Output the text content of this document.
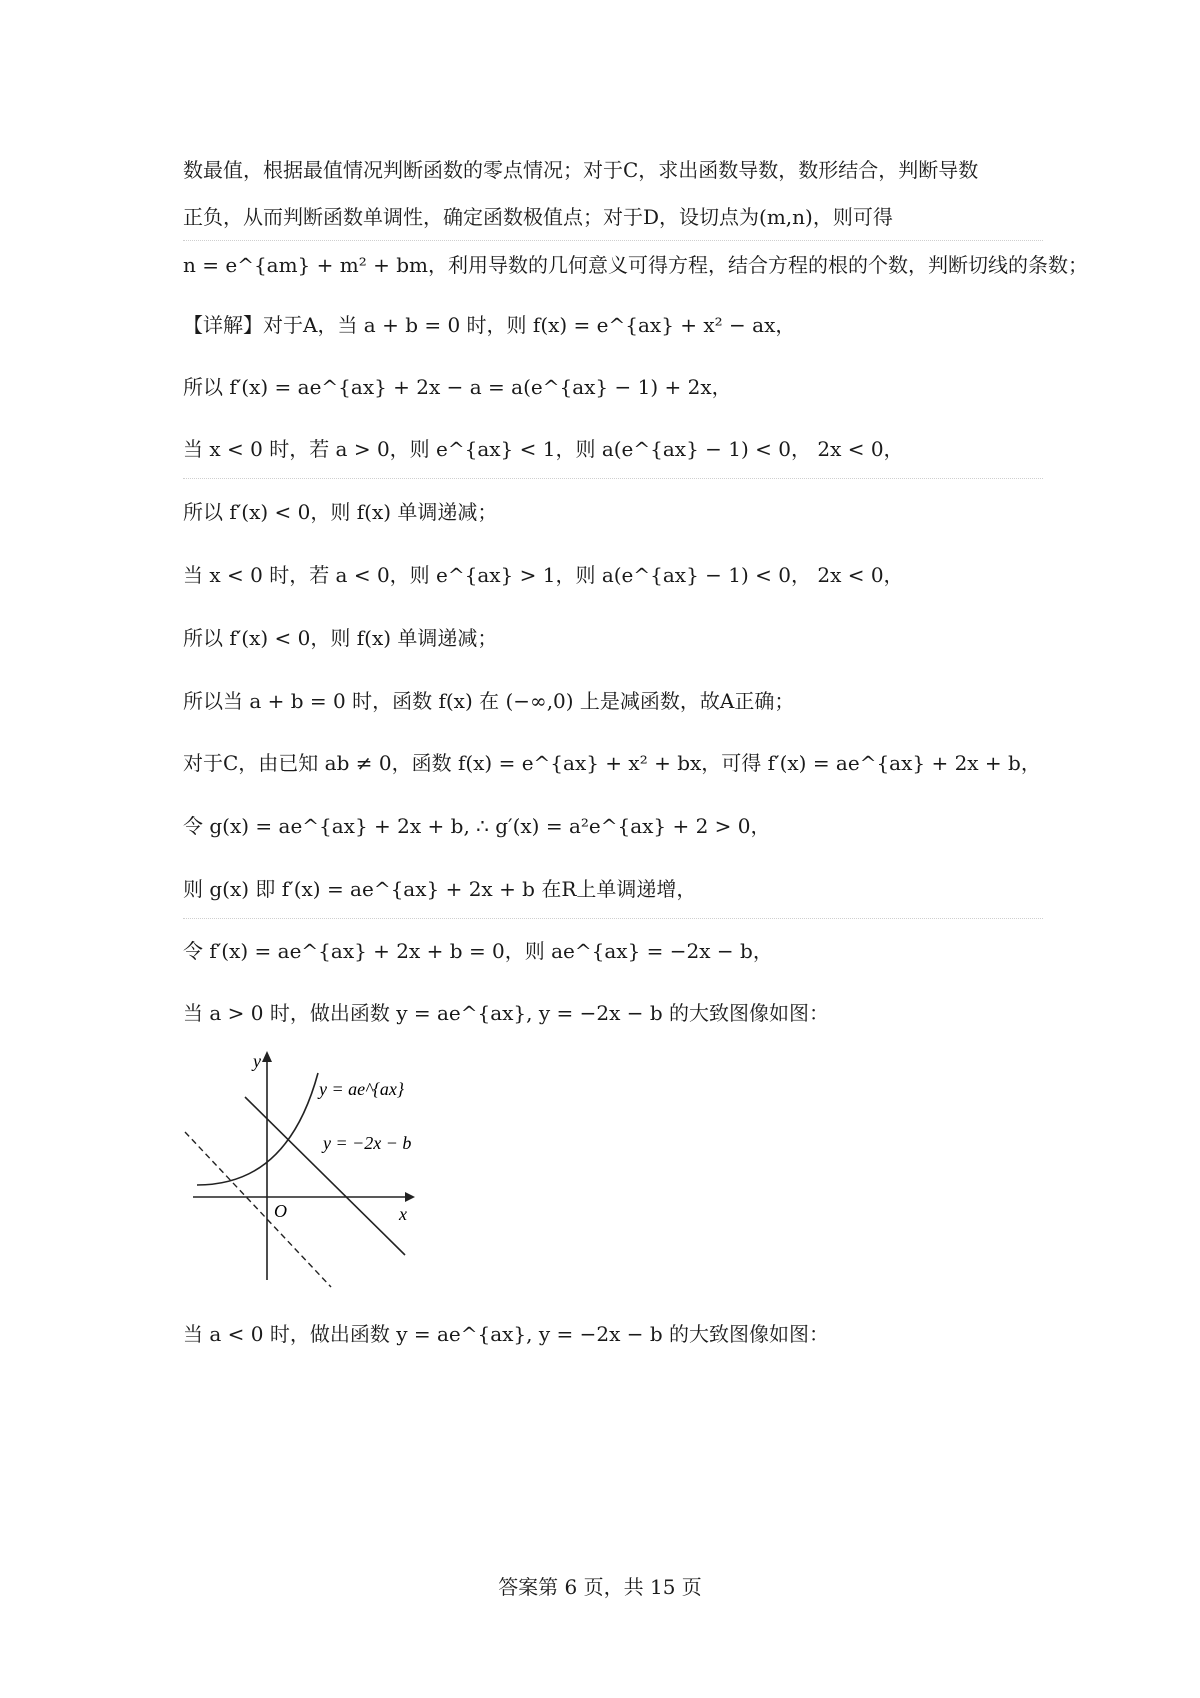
数最值，根据最值情况判断函数的零点情况；对于C，求出函数导数，数形结合，判断导数
正负，从而判断函数单调性，确定函数极值点；对于D，设切点为(m,n)，则可得
n = e^{am} + m² + bm，利用导数的几何意义可得方程，结合方程的根的个数，判断切线的条数；
【详解】对于A，当 a + b = 0 时，则 f(x) = e^{ax} + x² − ax，
所以 f′(x) = ae^{ax} + 2x − a = a(e^{ax} − 1) + 2x，
当 x < 0 时，若 a > 0，则 e^{ax} < 1，则 a(e^{ax} − 1) < 0， 2x < 0，
所以 f′(x) < 0，则 f(x) 单调递减；
当 x < 0 时，若 a < 0，则 e^{ax} > 1，则 a(e^{ax} − 1) < 0， 2x < 0，
所以 f′(x) < 0，则 f(x) 单调递减；
所以当 a + b = 0 时，函数 f(x) 在 (−∞,0) 上是减函数，故A正确；
对于C，由已知 ab ≠ 0，函数 f(x) = e^{ax} + x² + bx，可得 f′(x) = ae^{ax} + 2x + b，
令 g(x) = ae^{ax} + 2x + b, ∴ g′(x) = a²e^{ax} + 2 > 0，
则 g(x) 即 f′(x) = ae^{ax} + 2x + b 在R上单调递增，
令 f′(x) = ae^{ax} + 2x + b = 0，则 ae^{ax} = −2x − b，
当 a > 0 时，做出函数 y = ae^{ax}, y = −2x − b 的大致图像如图：
y
x
O
y = ae^{ax}
y = −2x − b
当 a < 0 时，做出函数 y = ae^{ax}, y = −2x − b 的大致图像如图：
答案第 6 页，共 15 页
